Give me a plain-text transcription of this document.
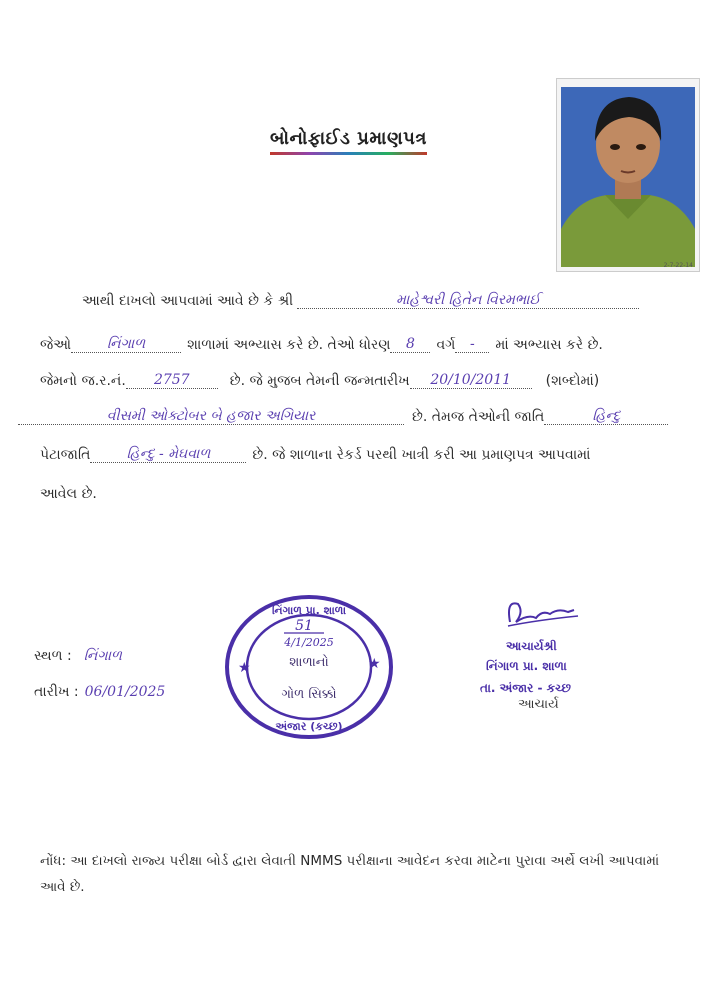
બોનોફાઈડ પ્રમાણપત્ર
2-7-22-14
આથી દાખલો આપવામાં આવે છે કે શ્રી	માહેશ્વરી હિતેન વિરમભાઈ
જેઓ	નિંગાળ	શાળામાં અભ્યાસ કરે છે. તેઓ ધોરણ	8	વર્ગ	-	માં અભ્યાસ કરે છે.
જેમનો જ.ર.નં.	2757	છે. જે મુજબ તેમની જન્મતારીખ	20/10/2011	(શબ્દોમાં)
વીસમી ઓક્ટોબર બે હજાર અગિયાર	છે. તેમજ તેઓની જાતિ	હિન્દુ
પેટાજાતિ	હિન્દુ - મેઘવાળ	છે. જે શાળાના રેકર્ડ પરથી ખાત્રી કરી આ પ્રમાણપત્ર આપવામાં
આવેલ છે.
સ્થળ : નિંગાળ
તારીખ : 06/01/2025
★	★
નિંગાળ પ્રા. શાળા
51
4/1/2025
શાળાનો
ગોળ સિક્કો
અંજાર (કચ્છ)
આચાર્યશ્રી
નિંગાળ પ્રા. શાળા
તા. અંજાર - કચ્છ
આચાર્ય
નોંધ: આ દાખલો રાજ્ય પરીક્ષા બોર્ડ દ્વારા લેવાતી NMMS પરીક્ષાના આવેદન કરવા માટેના પુરાવા અર્થે લખી આપવામાં આવે છે.
